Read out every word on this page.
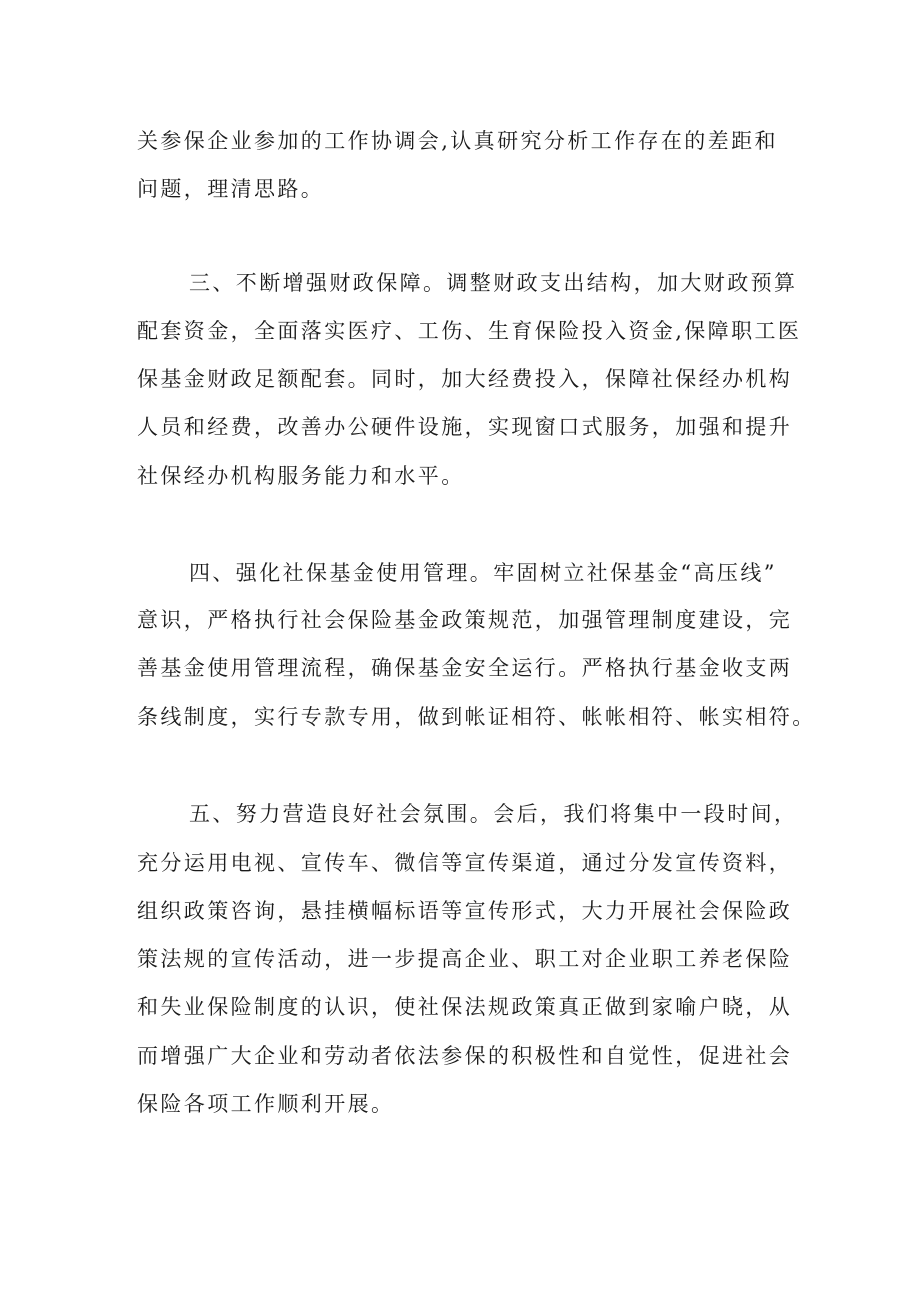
关参保企业参加的工作协调会,认真研究分析工作存在的差距和
问题，理清思路。
三、不断增强财政保障。调整财政支出结构，加大财政预算
配套资金，全面落实医疗、工伤、生育保险投入资金,保障职工医
保基金财政足额配套。同时，加大经费投入，保障社保经办机构
人员和经费，改善办公硬件设施，实现窗口式服务，加强和提升
社保经办机构服务能力和水平。
四、强化社保基金使用管理。牢固树立社保基金“高压线”
意识，严格执行社会保险基金政策规范，加强管理制度建设，完
善基金使用管理流程，确保基金安全运行。严格执行基金收支两
条线制度，实行专款专用，做到帐证相符、帐帐相符、帐实相符。
五、努力营造良好社会氛围。会后，我们将集中一段时间，
充分运用电视、宣传车、微信等宣传渠道，通过分发宣传资料，
组织政策咨询，悬挂横幅标语等宣传形式，大力开展社会保险政
策法规的宣传活动，进一步提高企业、职工对企业职工养老保险
和失业保险制度的认识，使社保法规政策真正做到家喻户晓，从
而增强广大企业和劳动者依法参保的积极性和自觉性，促进社会
保险各项工作顺利开展。
